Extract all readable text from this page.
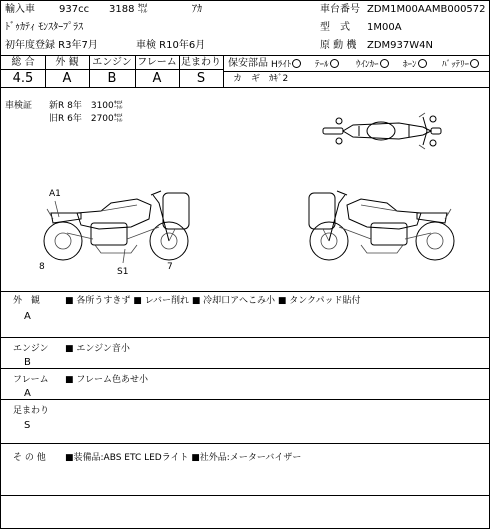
輸入車 937cc 3188 ㌖	ｱｶ	車台番号 ZDM1M00AAMB000572
ﾄﾞｩｶﾃｨ ﾓﾝｽﾀｰﾌﾟﾗｽ	型　式 1M00A
初年度登録 R3年7月	車検 R10年6月	原 動 機 ZDM937W4N
総 合	外 観	エンジン フレーム 足まわり
4.5	A	B	A	S
保安部品 Hﾗｲﾄ	ﾃｰﾙ	ｳｲﾝｶｰ	ﾎｰﾝ	ﾊﾞｯﾃﾘｰ
カ　ギ　ｶｷﾞ2
車検証 新R 8年　3100㌖
旧R 6年　2700㌖
A1
8	S1	7
外　観
A
■ 各所うすきず ■ レバー削れ ■ 冷却口アへこみ小 ■ タンクパッド貼付
エンジン
B
■ エンジン音小
フレーム
A
■ フレーム色あせ小
足まわり
S
そ の 他 ■装備品:ABS ETC LEDライト ■社外品:メーターバイザー
